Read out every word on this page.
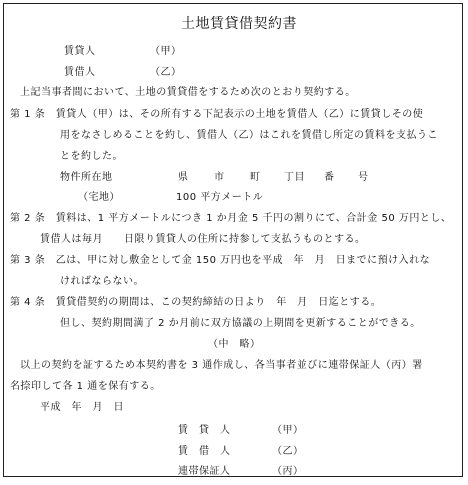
土地賃貸借契約書
賃貸人	（甲）
賃借人	（乙）
上記当事者間において、土地の賃貸借をするため次のとおり契約する。
第 1 条　賃貸人（甲）は、その所有する下記表示の土地を賃借人（乙）に賃貸しその使
用をなさしめることを約し、賃借人（乙）はこれを賃借し所定の賃料を支払うこ
とを約した。
物件所在地	県	市	町 丁目 番 号
（宅地）	100 平方メートル
第 2 条　賃料は、1 平方メートルにつき 1 か月金 5 千円の割りにて、合計金 50 万円とし、
賃借人は毎月　　日限り賃貸人の住所に持参して支払うものとする。
第 3 条　乙は、甲に対し敷金として金 150 万円也を平成　年　月　日までに預け入れな
ければならない。
第 4 条　賃貸借契約の期間は、この契約締結の日より　年　月　日迄とする。
但し、契約期間満了 2 か月前に双方協議の上期間を更新することができる。
（中　略）
以上の契約を証するため本契約書を 3 通作成し、各当事者並びに連帯保証人（丙）署
名捺印して各 1 通を保有する。
平成　年　月　日
賃　貸　人	（甲）
賃　借　人	（乙）
連帯保証人	（丙）
